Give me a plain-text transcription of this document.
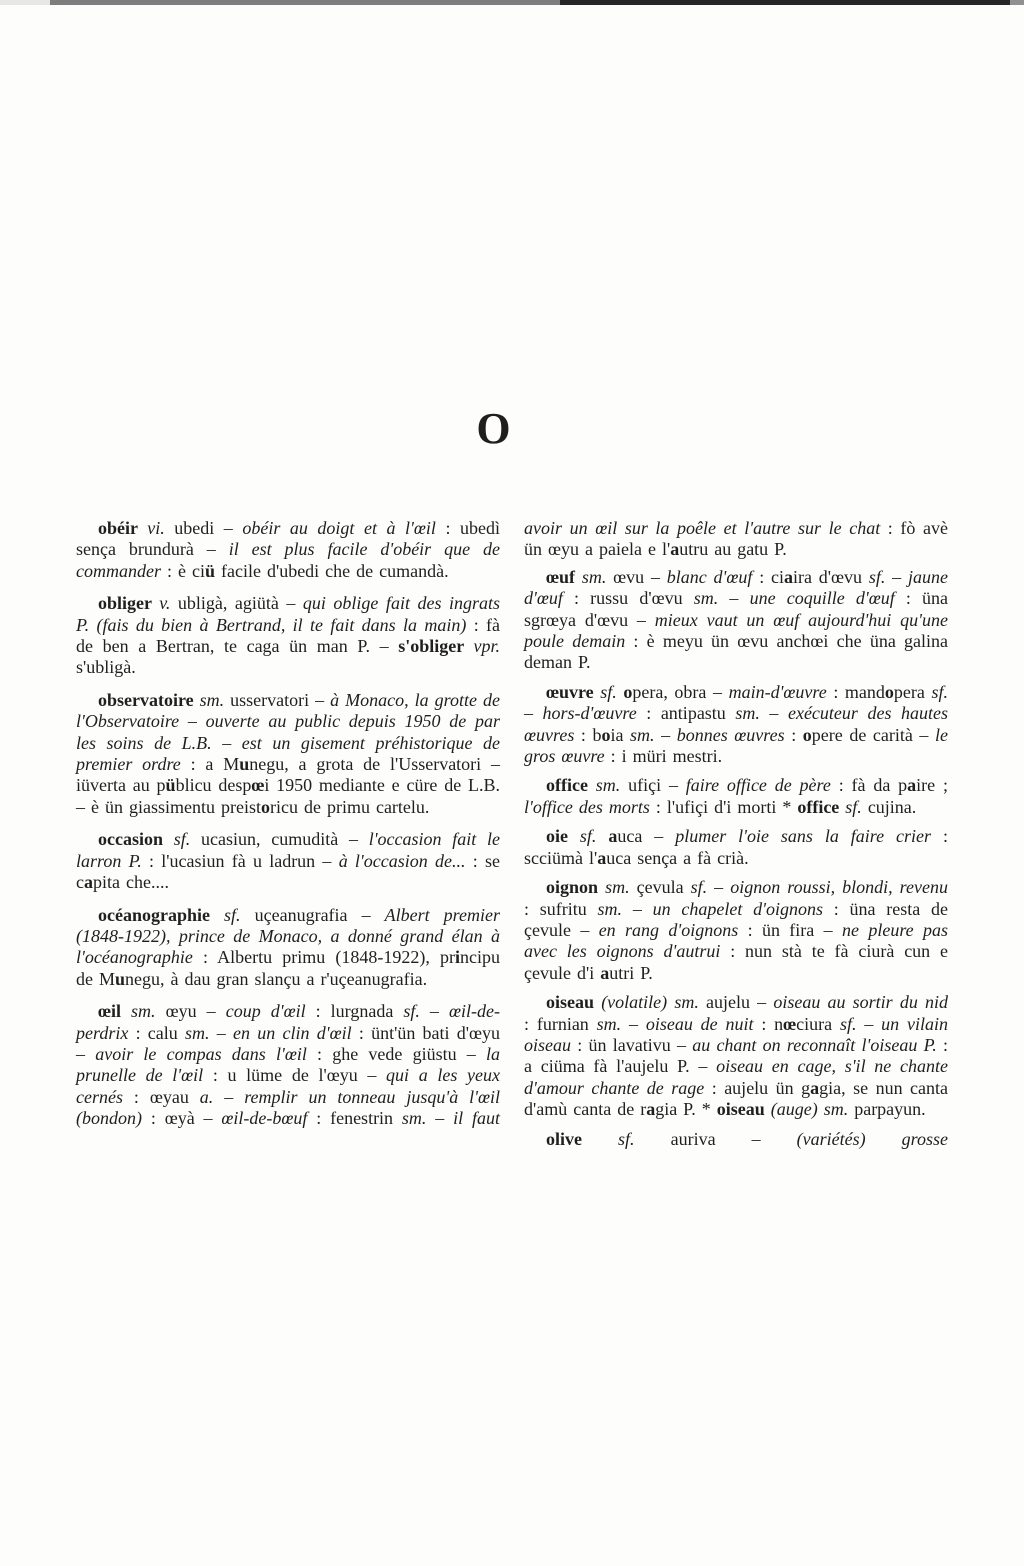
O

obéir vi. ubedi – obéir au doigt et à l'œil : ubedì sença brundurà – il est plus facile d'obéir que de commander : è ciü facile d'ubedi che de cumandà.

obliger v. ubligà, agiütà – qui oblige fait des ingrats P. (fais du bien à Bertrand, il te fait dans la main) : fà de ben a Bertran, te caga ün man P. – s'obliger vpr. s'ubligà.

observatoire sm. usservatori – à Monaco, la grotte de l'Observatoire – ouverte au public depuis 1950 de par les soins de L.B. – est un gisement préhistorique de premier ordre : a Munegu, a grota de l'Usservatori – iüverta au püblicu despœi 1950 mediante e cüre de L.B. – è ün giassimentu preistoricu de primu cartelu.

occasion sf. ucasiun, cumudità – l'occasion fait le larron P. : l'ucasiun fà u ladrun – à l'occasion de... : se capita che....

océanographie sf. uçeanugrafia – Albert premier (1848-1922), prince de Monaco, a donné grand élan à l'océanographie : Albertu primu (1848-1922), principu de Munegu, à dau gran slançu a r'uçeanugrafia.

œil sm. œyu – coup d'œil : lurgnada sf. – œil-de-perdrix : calu sm. – en un clin d'œil : ünt'ün bati d'œyu – avoir le compas dans l'œil : ghe vede giüstu – la prunelle de l'œil : u lüme de l'œyu – qui a les yeux cernés : œyau a. – remplir un tonneau jusqu'à l'œil (bondon) : œyà – œil-de-bœuf : fenestrin sm. – il faut

avoir un œil sur la poêle et l'autre sur le chat : fò avè ün œyu a paiela e l'autru au gatu P.

œuf sm. œvu – blanc d'œuf : ciaira d'œvu sf. – jaune d'œuf : russu d'œvu sm. – une coquille d'œuf : üna sgrœya d'œvu – mieux vaut un œuf aujourd'hui qu'une poule demain : è meyu ün œvu anchœi che üna galina deman P.

œuvre sf. opera, obra – main-d'œuvre : mandopera sf. – hors-d'œuvre : antipastu sm. – exécuteur des hautes œuvres : boia sm. – bonnes œuvres : opere de carità – le gros œuvre : i müri mestri.

office sm. ufiçi – faire office de père : fà da paire ; l'office des morts : l'ufiçi d'i morti * office sf. cujina.

oie sf. auca – plumer l'oie sans la faire crier : scciümà l'auca sença a fà crià.

oignon sm. çevula sf. – oignon roussi, blondi, revenu : sufritu sm. – un chapelet d'oignons : üna resta de çevule – en rang d'oignons : ün fira – ne pleure pas avec les oignons d'autrui : nun stà te fà ciurà cun e çevule d'i autri P.

oiseau (volatile) sm. aujelu – oiseau au sortir du nid : furnian sm. – oiseau de nuit : nœciura sf. – un vilain oiseau : ün lavativu – au chant on reconnaît l'oiseau P. : a ciüma fà l'aujelu P. – oiseau en cage, s'il ne chante d'amour chante de rage : aujelu ün gagia, se nun canta d'amù canta de ragia P. * oiseau (auge) sm. parpayun.

olive sf. auriva – (variétés) grosse
